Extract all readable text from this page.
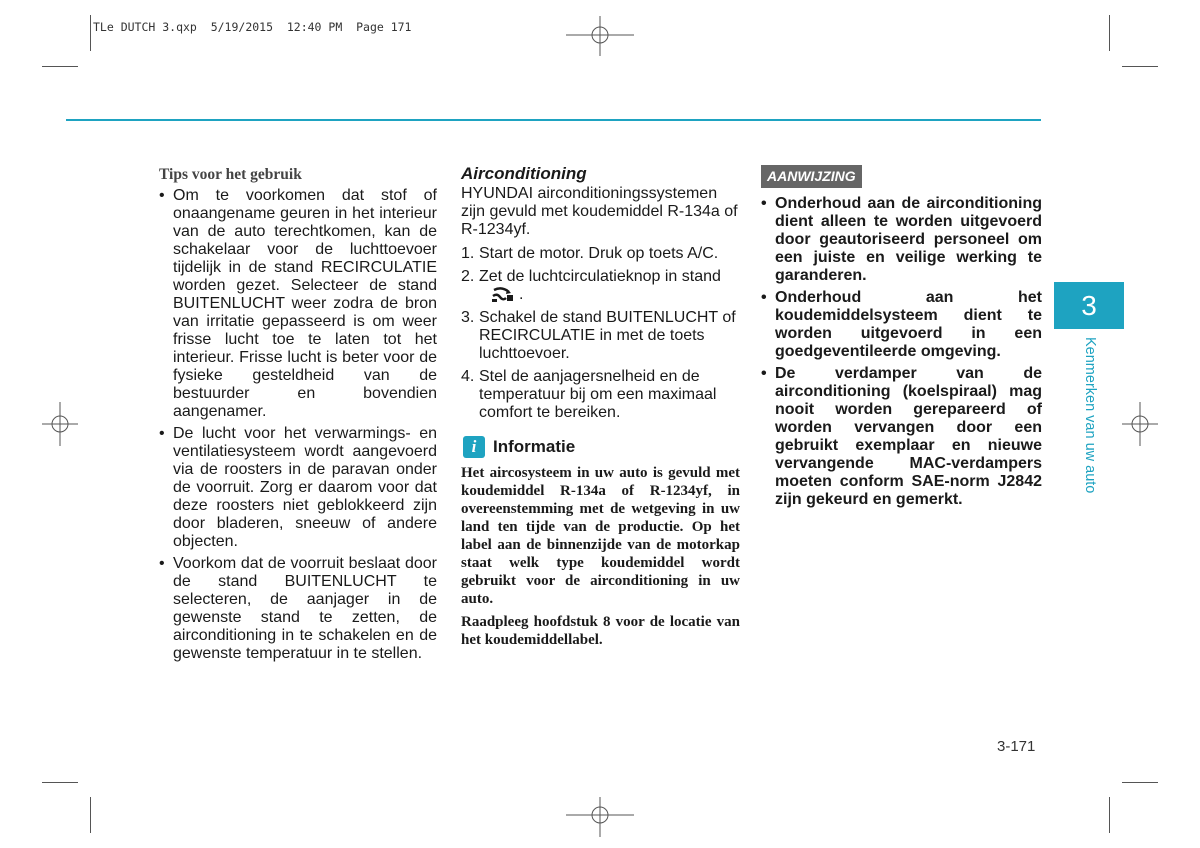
TLe DUTCH 3.qxp  5/19/2015  12:40 PM  Page 171
Tips voor het gebruik
• Om te voorkomen dat stof of onaangename geuren in het interieur van de auto terechtkomen, kan de schakelaar voor de luchttoevoer tijdelijk in de stand RECIRCULATIE worden gezet. Selecteer de stand BUITENLUCHT weer zodra de bron van irritatie gepasseerd is om weer frisse lucht toe te laten tot het interieur. Frisse lucht is beter voor de fysieke gesteldheid van de bestuurder en bovendien aangenamer.
• De lucht voor het verwarmings- en ventilatiesysteem wordt aangevoerd via de roosters in de paravan onder de voorruit. Zorg er daarom voor dat deze roosters niet geblokkeerd zijn door bladeren, sneeuw of andere objecten.
• Voorkom dat de voorruit beslaat door de stand BUITENLUCHT te selecteren, de aanjager in de gewenste stand te zetten, de airconditioning in te schakelen en de gewenste temperatuur in te stellen.
Airconditioning

HYUNDAI airconditioningssystemen zijn gevuld met koudemiddel R-134a of R-1234yf.

1. Start de motor. Druk op toets A/C.
2. Zet de luchtcirculatieknop in stand
.
3. Schakel de stand BUITENLUCHT of RECIRCULATIE in met de toets luchttoevoer.
4. Stel de aanjagersnelheid en de temperatuur bij om een maximaal comfort te bereiken.
i Informatie

Het aircosysteem in uw auto is gevuld met koudemiddel R-134a of R-1234yf, in overeenstemming met de wetgeving in uw land ten tijde van de productie. Op het label aan de binnenzijde van de motorkap staat welk type koudemiddel wordt gebruikt voor de airconditioning in uw auto.

Raadpleeg hoofdstuk 8 voor de locatie van het koudemiddellabel.

AANWIJZING
• Onderhoud aan de airconditioning dient alleen te worden uitgevoerd door geautoriseerd personeel om een juiste en veilige werking te garanderen.
• Onderhoud aan het koudemiddelsysteem dient te worden uitgevoerd in een goedgeventileerde omgeving.
• De verdamper van de airconditioning (koelspiraal) mag nooit worden gerepareerd of worden vervangen door een gebruikt exemplaar en nieuwe vervangende MAC-verdampers moeten conform SAE-norm J2842 zijn gekeurd en gemerkt.
3
Kenmerken van uw auto
3-171
